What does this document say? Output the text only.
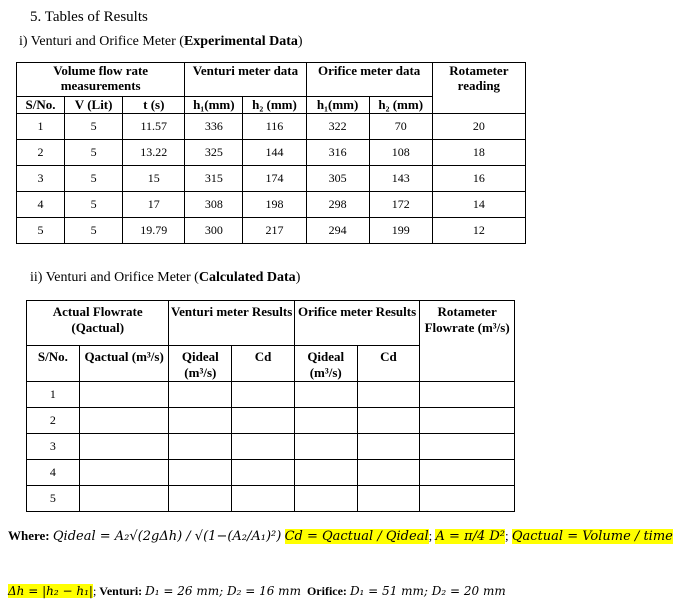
5. Tables of Results
i) Venturi and Orifice Meter (Experimental Data)
Volume flow rate measurements			Venturi meter data		Orifice meter data		Rotameter reading
S/No.	V (Lit)	t (s)	h₁(mm)	h₂ (mm)	h₁(mm)	h₂ (mm)	
1	5	11.57	336	116	322	70	20
2	5	13.22	325	144	316	108	18
3	5	15	315	174	305	143	16
4	5	17	308	198	298	172	14
5	5	19.79	300	217	294	199	12
ii) Venturi and Orifice Meter (Calculated Data)
Actual Flowrate (Qactual)		Venturi meter Results		Orifice meter Results		Rotameter Flowrate (m³/s)
S/No.	Qactual (m³/s)	Qideal (m³/s)	Cd	Qideal (m³/s)	Cd	
1						
2						
3						
4						
5						
Where: Qideal = A₂√(2gΔh) / √(1−(A₂/A₁)²) Cd = Qactual / Qideal; A = π/4 D²; Qactual = Volume / time
Δh = |h₂ − h₁|; Venturi: D₁ = 26 mm; D₂ = 16 mm Orifice: D₁ = 51 mm; D₂ = 20 mm
